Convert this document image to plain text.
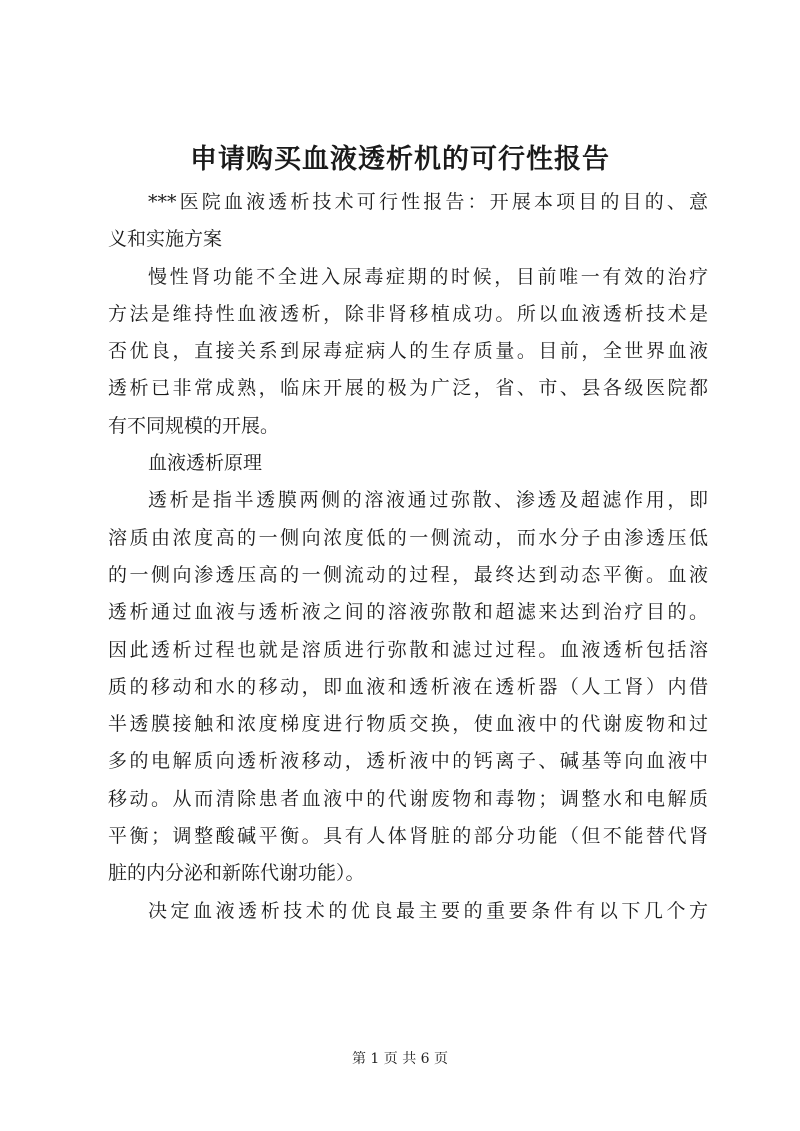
申请购买血液透析机的可行性报告
***医院血液透析技术可行性报告：开展本项目的目的、意
义和实施方案
慢性肾功能不全进入尿毒症期的时候，目前唯一有效的治疗
方法是维持性血液透析，除非肾移植成功。所以血液透析技术是
否优良，直接关系到尿毒症病人的生存质量。目前，全世界血液
透析已非常成熟，临床开展的极为广泛，省、市、县各级医院都
有不同规模的开展。
血液透析原理
透析是指半透膜两侧的溶液通过弥散、渗透及超滤作用，即
溶质由浓度高的一侧向浓度低的一侧流动，而水分子由渗透压低
的一侧向渗透压高的一侧流动的过程，最终达到动态平衡。血液
透析通过血液与透析液之间的溶液弥散和超滤来达到治疗目的。
因此透析过程也就是溶质进行弥散和滤过过程。血液透析包括溶
质的移动和水的移动，即血液和透析液在透析器（人工肾）内借
半透膜接触和浓度梯度进行物质交换，使血液中的代谢废物和过
多的电解质向透析液移动，透析液中的钙离子、碱基等向血液中
移动。从而清除患者血液中的代谢废物和毒物；调整水和电解质
平衡；调整酸碱平衡。具有人体肾脏的部分功能（但不能替代肾
脏的内分泌和新陈代谢功能）。
决定血液透析技术的优良最主要的重要条件有以下几个方
第 1 页 共 6 页
